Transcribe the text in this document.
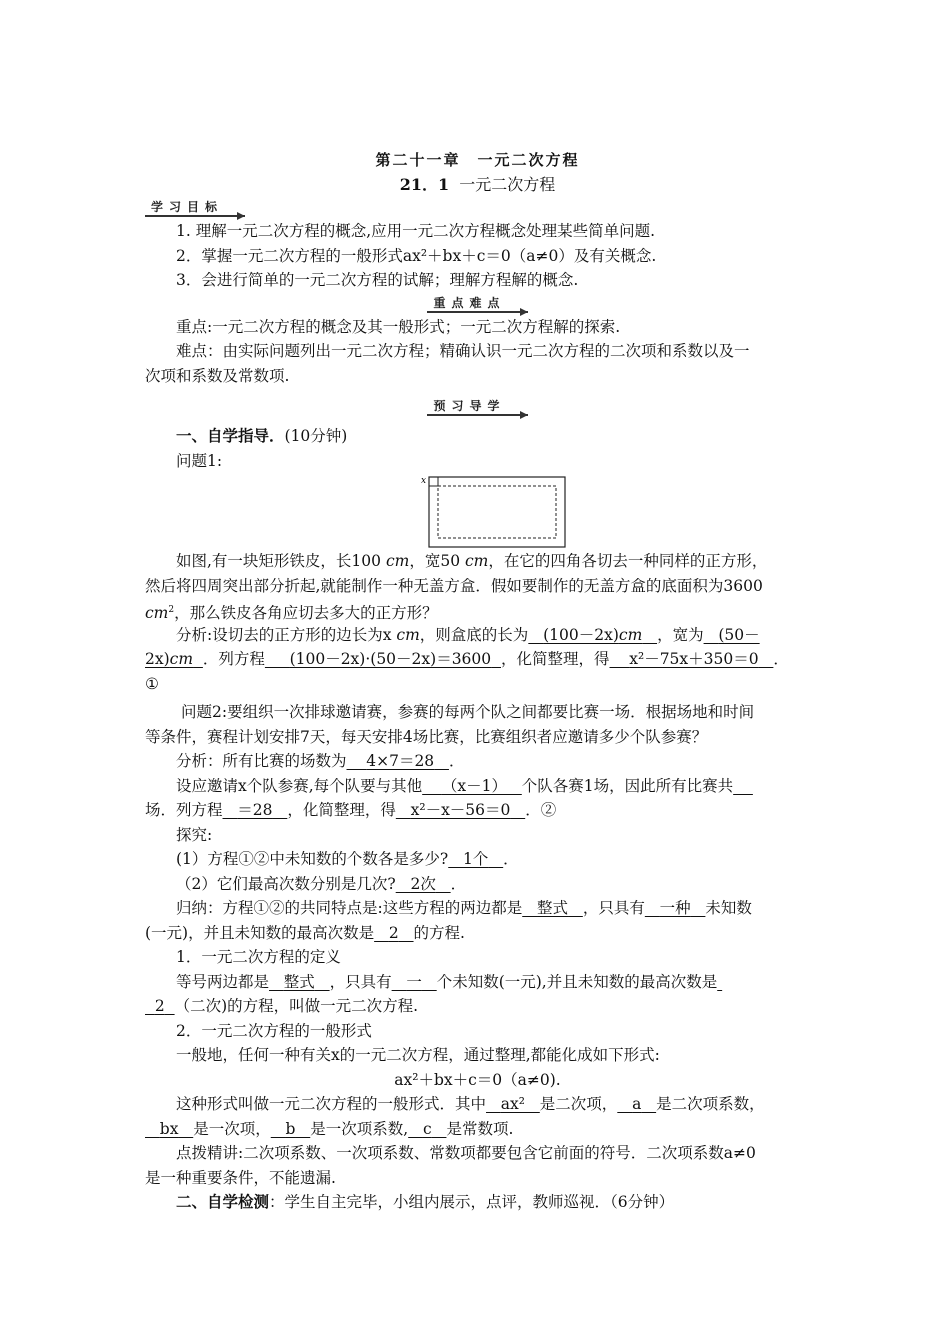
第二十一章　一元二次方程
21．1 一元二次方程
学习目标
1. 理解一元二次方程的概念,应用一元二次方程概念处理某些简单问题.
2．掌握一元二次方程的一般形式ax²＋bx＋c＝0（a≠0）及有关概念.
3．会进行简单的一元二次方程的试解；理解方程解的概念.
重点难点
重点:一元二次方程的概念及其一般形式；一元二次方程解的探索.
难点：由实际问题列出一元二次方程；精确认识一元二次方程的二次项和系数以及一
次项和系数及常数项.
预习导学
一、自学指导．(10分钟)
问题1:
x
如图,有一块矩形铁皮，长100 cm，宽50 cm，在它的四角各切去一种同样的正方形，
然后将四周突出部分折起,就能制作一种无盖方盒．假如要制作的无盖方盒的底面积为3600
$cm^2$，那么铁皮各角应切去多大的正方形？
分析:设切去的正方形的边长为x cm，则盒底的长为 (100－2x)cm ，宽为 (50－
2x)cm ．列方程 (100－2x)·(50－2x)＝3600 ，化简整理，得 x²－75x＋350＝0 ．
①
问题2:要组织一次排球邀请赛，参赛的每两个队之间都要比赛一场．根据场地和时间
等条件，赛程计划安排7天，每天安排4场比赛，比赛组织者应邀请多少个队参赛？
分析：所有比赛的场数为 4×7＝28 ．
设应邀请x个队参赛,每个队要与其他 （x－1） 个队各赛1场，因此所有比赛共
场．列方程 ＝28 ，化简整理，得 x²－x－56＝0 ．②
探究:
(1）方程①②中未知数的个数各是多少? 1个 ．
（2）它们最高次数分别是几次? 2次 ．
归纳：方程①②的共同特点是:这些方程的两边都是 整式 ，只具有 一种 未知数
(一元)，并且未知数的最高次数是 2 的方程.
1．一元二次方程的定义
等号两边都是 整式 ，只具有 一 个未知数(一元),并且未知数的最高次数是
2 （二次)的方程，叫做一元二次方程.
2．一元二次方程的一般形式
一般地，任何一种有关x的一元二次方程，通过整理,都能化成如下形式:
ax²＋bx＋c＝0（a≠0).
这种形式叫做一元二次方程的一般形式．其中 ax² 是二次项， a 是二次项系数，
bx 是一次项， b 是一次项系数, c 是常数项.
点拨精讲:二次项系数、一次项系数、常数项都要包含它前面的符号．二次项系数a≠0
是一种重要条件，不能遗漏.
二、自学检测：学生自主完毕，小组内展示，点评，教师巡视．（6分钟）
